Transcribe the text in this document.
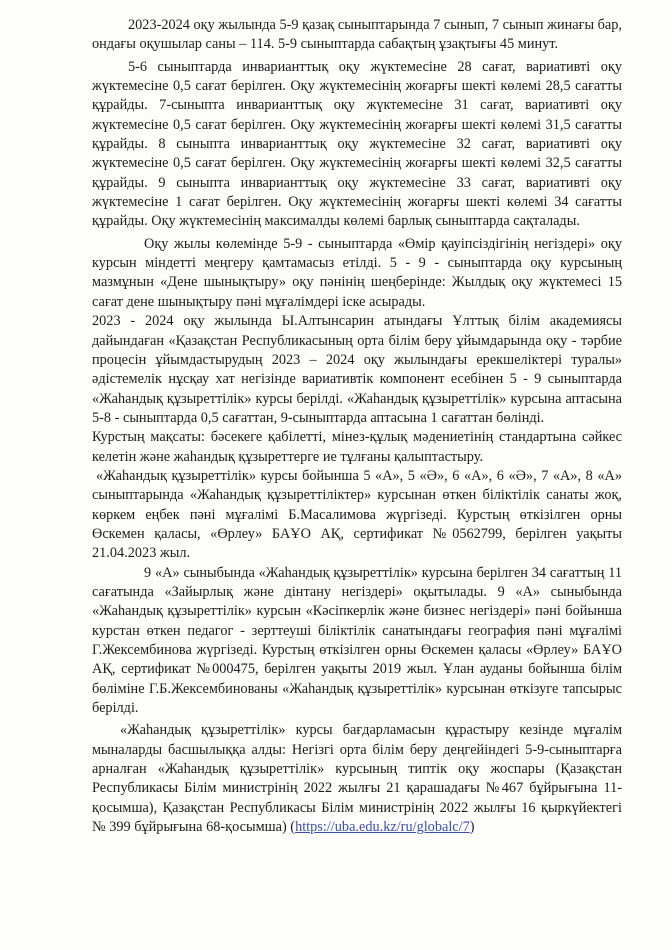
2023-2024 оқу жылында 5-9 қазақ сыныптарында 7 сынып, 7 сынып жинағы бар, ондағы оқушылар саны – 114. 5-9 сыныптарда сабақтың ұзақтығы 45 минут.

5-6 сыныптарда инварианттық оқу жүктемесіне 28 сағат, вариативті оқу жүктемесіне 0,5 сағат берілген. Оқу жүктемесінің жоғарғы шекті көлемі 28,5 сағатты құрайды. 7-сыныпта инварианттық оқу жүктемесіне 31 сағат, вариативті оқу жүктемесіне 0,5 сағат берілген. Оқу жүктемесінің жоғарғы шекті көлемі 31,5 сағатты құрайды. 8 сыныпта инварианттық оқу жүктемесіне 32 сағат, вариативті оқу жүктемесіне 0,5 сағат берілген. Оқу жүктемесінің жоғарғы шекті көлемі 32,5 сағатты құрайды. 9 сыныпта инварианттық оқу жүктемесіне 33 сағат, вариативті оқу жүктемесіне 1 сағат берілген. Оқу жүктемесінің жоғарғы шекті көлемі 34 сағатты құрайды. Оқу жүктемесінің максималды көлемі барлық сыныптарда сақталады.

Оқу жылы көлемінде 5-9 - сыныптарда «Өмір қауіпсіздігінің негіздері» оқу курсын міндетті меңгеру қамтамасыз етілді. 5 - 9 - сыныптарда оқу курсының мазмұнын «Дене шынықтыру» оқу пәнінің шеңберінде: Жылдық оқу жүктемесі 15 сағат дене шынықтыру пәні мұғалімдері іске асырады.

2023 - 2024 оқу жылында Ы.Алтынсарин атындағы Ұлттық білім академиясы дайындаған «Қазақстан Республикасының орта білім беру ұйымдарында оқу - тәрбие процесін ұйымдастырудың 2023 – 2024 оқу жылындағы ерекшеліктері туралы» әдістемелік нұсқау хат негізінде вариативтік компонент есебінен 5 - 9 сыныптарда «Жаһандық құзыреттілік» курсы берілді. «Жаһандық құзыреттілік» курсына аптасына 5-8 - сыныптарда 0,5 сағаттан, 9-сыныптарда аптасына 1 сағаттан бөлінді.

Курстың мақсаты: бәсекеге қабілетті, мінез-құлық мәдениетінің стандартына сәйкес келетін және жаһандық құзыреттерге ие тұлғаны қалыптастыру.

«Жаһандық құзыреттілік» курсы бойынша 5 «А», 5 «Ә», 6 «А», 6 «Ә», 7 «А», 8 «А» сыныптарында «Жаһандық құзыреттіліктер» курсынан өткен біліктілік санаты жоқ, көркем еңбек пәні мұғалімі Б.Масалимова жүргізеді. Курстың өткізілген орны Өскемен қаласы, «Өрлеу» БАҰО АҚ, сертификат №0562799, берілген уақыты 21.04.2023 жыл.

9 «А» сыныбында «Жаһандық құзыреттілік» курсына берілген 34 сағаттың 11 сағатында «Зайырлық және дінтану негіздері» оқытылады. 9 «А» сыныбында «Жаһандық құзыреттілік» курсын «Кәсіпкерлік және бизнес негіздері» пәні бойынша курстан өткен педагог - зерттеуші біліктілік санатындағы география пәні мұғалімі Г.Жексембинова жүргізеді. Курстың өткізілген орны Өскемен қаласы «Өрлеу» БАҰО АҚ, сертификат №000475, берілген уақыты 2019 жыл. Ұлан ауданы бойынша білім бөліміне Г.Б.Жексембинованы «Жаһандық құзыреттілік» курсынан өткізуге тапсырыс берілді.

«Жаһандық құзыреттілік» курсы бағдарламасын құрастыру кезінде мұғалім мыналарды басшылыққа алды: Негізгі орта білім беру деңгейіндегі 5-9-сыныптарға арналған «Жаһандық құзыреттілік» курсының типтік оқу жоспары (Қазақстан Республикасы Білім министрінің 2022 жылғы 21 қарашадағы №467 бұйрығына 11-қосымша), Қазақстан Республикасы Білім министрінің 2022 жылғы 16 қыркүйектегі № 399 бұйрығына 68-қосымша) (https://uba.edu.kz/ru/globalc/7)
